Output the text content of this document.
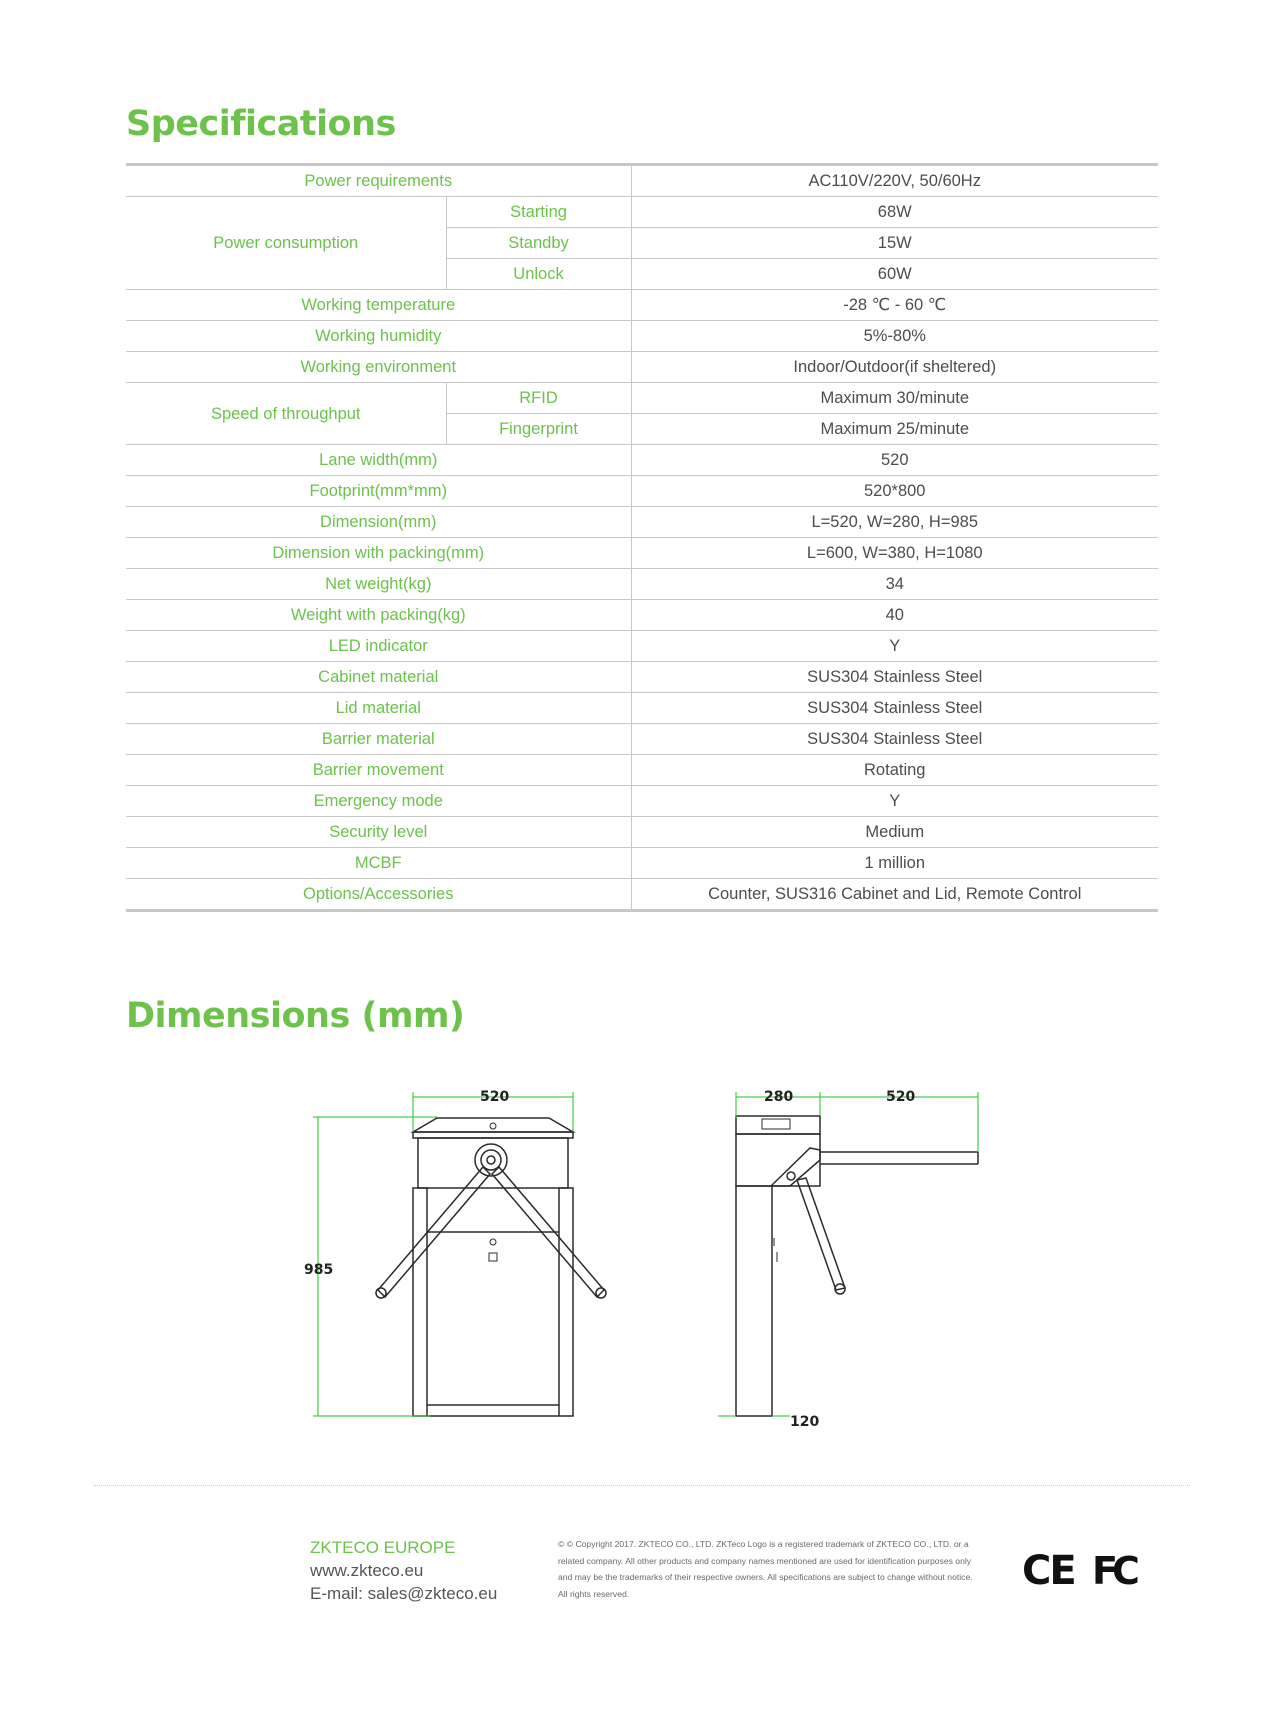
Specifications
Power requirements		AC110V/220V, 50/60Hz
Power consumption	Starting	68W
	Standby	15W
	Unlock	60W
Working temperature		-28 ℃ - 60 ℃
Working humidity		5%-80%
Working environment		Indoor/Outdoor(if sheltered)
Speed of throughput	RFID	Maximum 30/minute
	Fingerprint	Maximum 25/minute
Lane width(mm)		520
Footprint(mm*mm)		520*800
Dimension(mm)		L=520, W=280, H=985
Dimension with packing(mm)		L=600, W=380, H=1080
Net weight(kg)		34
Weight with packing(kg)		40
LED indicator		Y
Cabinet material		SUS304 Stainless Steel
Lid material		SUS304 Stainless Steel
Barrier material		SUS304 Stainless Steel
Barrier movement		Rotating
Emergency mode		Y
Security level		Medium
MCBF		1 million
Options/Accessories		Counter, SUS316 Cabinet and Lid, Remote Control
Dimensions (mm)
520
985
280	520
120
ZKTECO EUROPE
www.zkteco.eu
E-mail: sales@zkteco.eu
© © Copyright 2017. ZKTECO CO., LTD. ZKTeco Logo is a registered trademark of ZKTECO CO., LTD. or a related company. All other products and company names mentioned are used for identification purposes only and may be the trademarks of their respective owners. All specifications are subject to change without notice. All rights reserved.	CE FC
